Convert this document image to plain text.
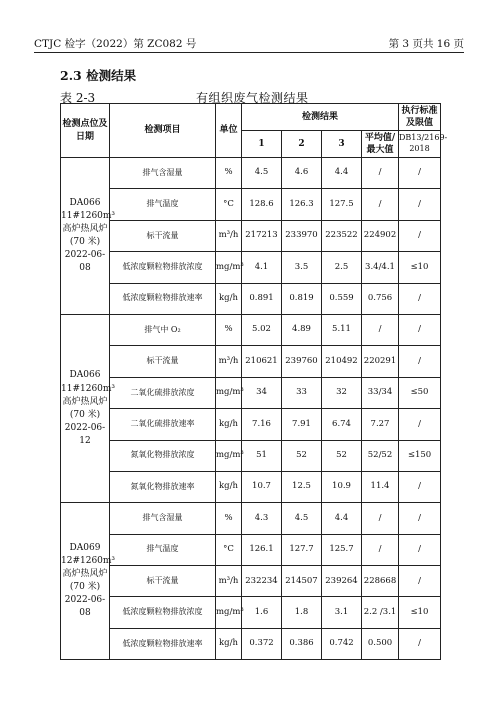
CTJC 检字（2022）第 ZC082 号	第 3 页共 16 页
2.3 检测结果
表 2-3	有组织废气检测结果
检测点位及日期	检测项目	单位	检测结果				执行标准及限值
			1	2	3	平均值/最大值	DB13/2169-2018

DA066
11#1260m³
高炉热风炉
(70 米)
2022-06-08	排气含湿量	%	4.5	4.6	4.4	/	/
	排气温度	°C	128.6	126.3	127.5	/	/
	标干流量	m³/h	217213	233970	223522	224902	/
	低浓度颗粒物排放浓度	mg/m³	4.1	3.5	2.5	3.4/4.1	≤10
	低浓度颗粒物排放速率	kg/h	0.891	0.819	0.559	0.756	/

DA066
11#1260m³
高炉热风炉
(70 米)
2022-06-12	排气中 O₂	%	5.02	4.89	5.11	/	/
	标干流量	m³/h	210621	239760	210492	220291	/
	二氧化硫排放浓度	mg/m³	34	33	32	33/34	≤50
	二氧化硫排放速率	kg/h	7.16	7.91	6.74	7.27	/
	氮氧化物排放浓度	mg/m³	51	52	52	52/52	≤150
	氮氧化物排放速率	kg/h	10.7	12.5	10.9	11.4	/

DA069
12#1260m³
高炉热风炉
(70 米)
2022-06-08	排气含湿量	%	4.3	4.5	4.4	/	/
	排气温度	°C	126.1	127.7	125.7	/	/
	标干流量	m³/h	232234	214507	239264	228668	/
	低浓度颗粒物排放浓度	mg/m³	1.6	1.8	3.1	2.2 /3.1	≤10
	低浓度颗粒物排放速率	kg/h	0.372	0.386	0.742	0.500	/
